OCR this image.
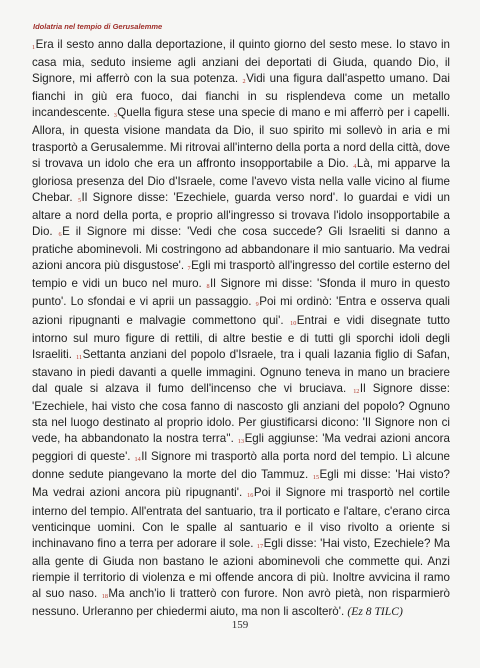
Idolatria nel tempio di Gerusalemme

1Era il sesto anno dalla deportazione, il quinto giorno del sesto mese. Io stavo in casa mia, seduto insieme agli anziani dei deportati di Giuda, quando Dio, il Signore, mi afferrò con la sua potenza. 2Vidi una figura dall'aspetto umano. Dai fianchi in giù era fuoco, dai fianchi in su risplendeva come un metallo incandescente. 3Quella figura stese una specie di mano e mi afferrò per i capelli. Allora, in questa visione mandata da Dio, il suo spirito mi sollevò in aria e mi trasportò a Gerusalemme. Mi ritrovai all'interno della porta a nord della città, dove si trovava un idolo che era un affronto insopportabile a Dio. 4Là, mi apparve la gloriosa presenza del Dio d'Israele, come l'avevo vista nella valle vicino al fiume Chebar. 5Il Signore disse: 'Ezechiele, guarda verso nord'. Io guardai e vidi un altare a nord della porta, e proprio all'ingresso si trovava l'idolo insopportabile a Dio. 6E il Signore mi disse: 'Vedi che cosa succede? Gli Israeliti si danno a pratiche abominevoli. Mi costringono ad abbandonare il mio santuario. Ma vedrai azioni ancora più disgustose'. 7Egli mi trasportò all'ingresso del cortile esterno del tempio e vidi un buco nel muro. 8Il Signore mi disse: 'Sfonda il muro in questo punto'. Lo sfondai e vi aprii un passaggio. 9Poi mi ordinò: 'Entra e osserva quali azioni ripugnanti e malvagie commettono qui'. 10Entrai e vidi disegnate tutto intorno sul muro figure di rettili, di altre bestie e di tutti gli sporchi idoli degli Israeliti. 11Settanta anziani del popolo d'Israele, tra i quali Iazania figlio di Safan, stavano in piedi davanti a quelle immagini. Ognuno teneva in mano un braciere dal quale si alzava il fumo dell'incenso che vi bruciava. 12Il Signore disse: 'Ezechiele, hai visto che cosa fanno di nascosto gli anziani del popolo? Ognuno sta nel luogo destinato al proprio idolo. Per giustificarsi dicono: 'Il Signore non ci vede, ha abbandonato la nostra terra''. 13Egli aggiunse: 'Ma vedrai azioni ancora peggiori di queste'. 14Il Signore mi trasportò alla porta nord del tempio. Lì alcune donne sedute piangevano la morte del dio Tammuz. 15Egli mi disse: 'Hai visto? Ma vedrai azioni ancora più ripugnanti'. 16Poi il Signore mi trasportò nel cortile interno del tempio. All'entrata del santuario, tra il porticato e l'altare, c'erano circa venticinque uomini. Con le spalle al santuario e il viso rivolto a oriente si inchinavano fino a terra per adorare il sole. 17Egli disse: 'Hai visto, Ezechiele? Ma alla gente di Giuda non bastano le azioni abominevoli che commette qui. Anzi riempie il territorio di violenza e mi offende ancora di più. Inoltre avvicina il ramo al suo naso. 18Ma anch'io li tratterò con furore. Non avrò pietà, non risparmierò nessuno. Urleranno per chiedermi aiuto, ma non li ascolterò'. (Ez 8 TILC)

159
